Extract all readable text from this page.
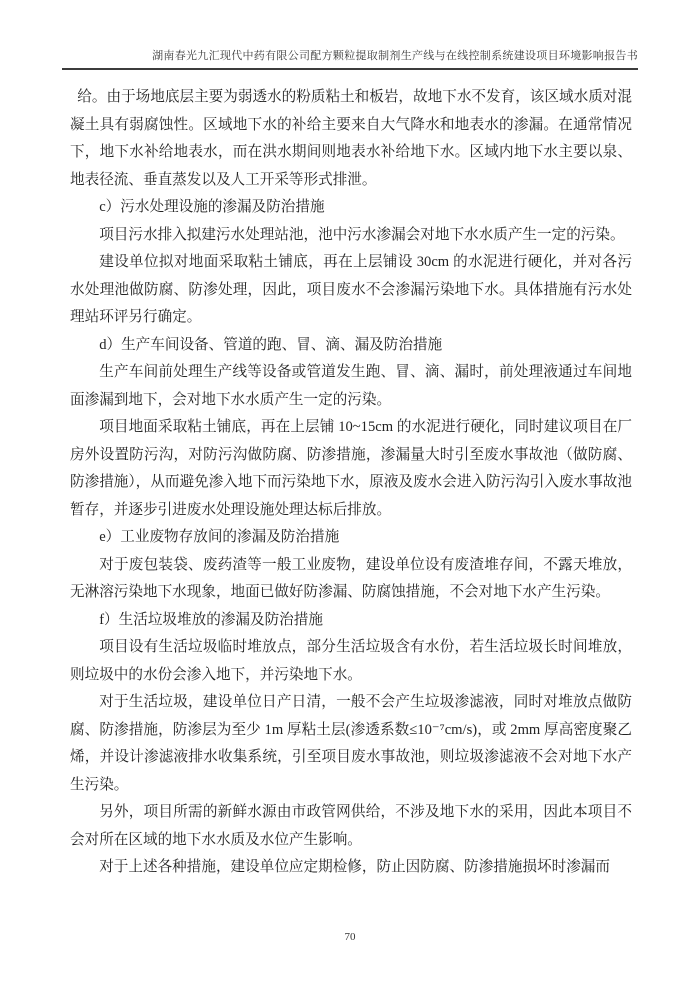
湖南春光九汇现代中药有限公司配方颗粒提取制剂生产线与在线控制系统建设项目环境影响报告书

给。由于场地底层主要为弱透水的粉质粘土和板岩，故地下水不发育，该区域水质对混凝土具有弱腐蚀性。区域地下水的补给主要来自大气降水和地表水的渗漏。在通常情况下，地下水补给地表水，而在洪水期间则地表水补给地下水。区域内地下水主要以泉、地表径流、垂直蒸发以及人工开采等形式排泄。

c）污水处理设施的渗漏及防治措施

项目污水排入拟建污水处理站池，池中污水渗漏会对地下水水质产生一定的污染。

建设单位拟对地面采取粘土铺底，再在上层铺设 30cm 的水泥进行硬化，并对各污水处理池做防腐、防渗处理，因此，项目废水不会渗漏污染地下水。具体措施有污水处理站环评另行确定。

d）生产车间设备、管道的跑、冒、滴、漏及防治措施

生产车间前处理生产线等设备或管道发生跑、冒、滴、漏时，前处理液通过车间地面渗漏到地下，会对地下水水质产生一定的污染。

项目地面采取粘土铺底，再在上层铺 10~15cm 的水泥进行硬化，同时建议项目在厂房外设置防污沟，对防污沟做防腐、防渗措施，渗漏量大时引至废水事故池（做防腐、防渗措施），从而避免渗入地下而污染地下水，原液及废水会进入防污沟引入废水事故池暂存，并逐步引进废水处理设施处理达标后排放。

e）工业废物存放间的渗漏及防治措施

对于废包装袋、废药渣等一般工业废物，建设单位设有废渣堆存间，不露天堆放，无淋溶污染地下水现象，地面已做好防渗漏、防腐蚀措施，不会对地下水产生污染。

f）生活垃圾堆放的渗漏及防治措施

项目设有生活垃圾临时堆放点，部分生活垃圾含有水份，若生活垃圾长时间堆放，则垃圾中的水份会渗入地下，并污染地下水。

对于生活垃圾，建设单位日产日清，一般不会产生垃圾渗滤液，同时对堆放点做防腐、防渗措施，防渗层为至少 1m 厚粘土层(渗透系数≤10⁻⁷cm/s)，或 2mm 厚高密度聚乙烯，并设计渗滤液排水收集系统，引至项目废水事故池，则垃圾渗滤液不会对地下水产生污染。

另外，项目所需的新鲜水源由市政管网供给，不涉及地下水的采用，因此本项目不会对所在区域的地下水水质及水位产生影响。

对于上述各种措施，建设单位应定期检修，防止因防腐、防渗措施损坏时渗漏而

70
